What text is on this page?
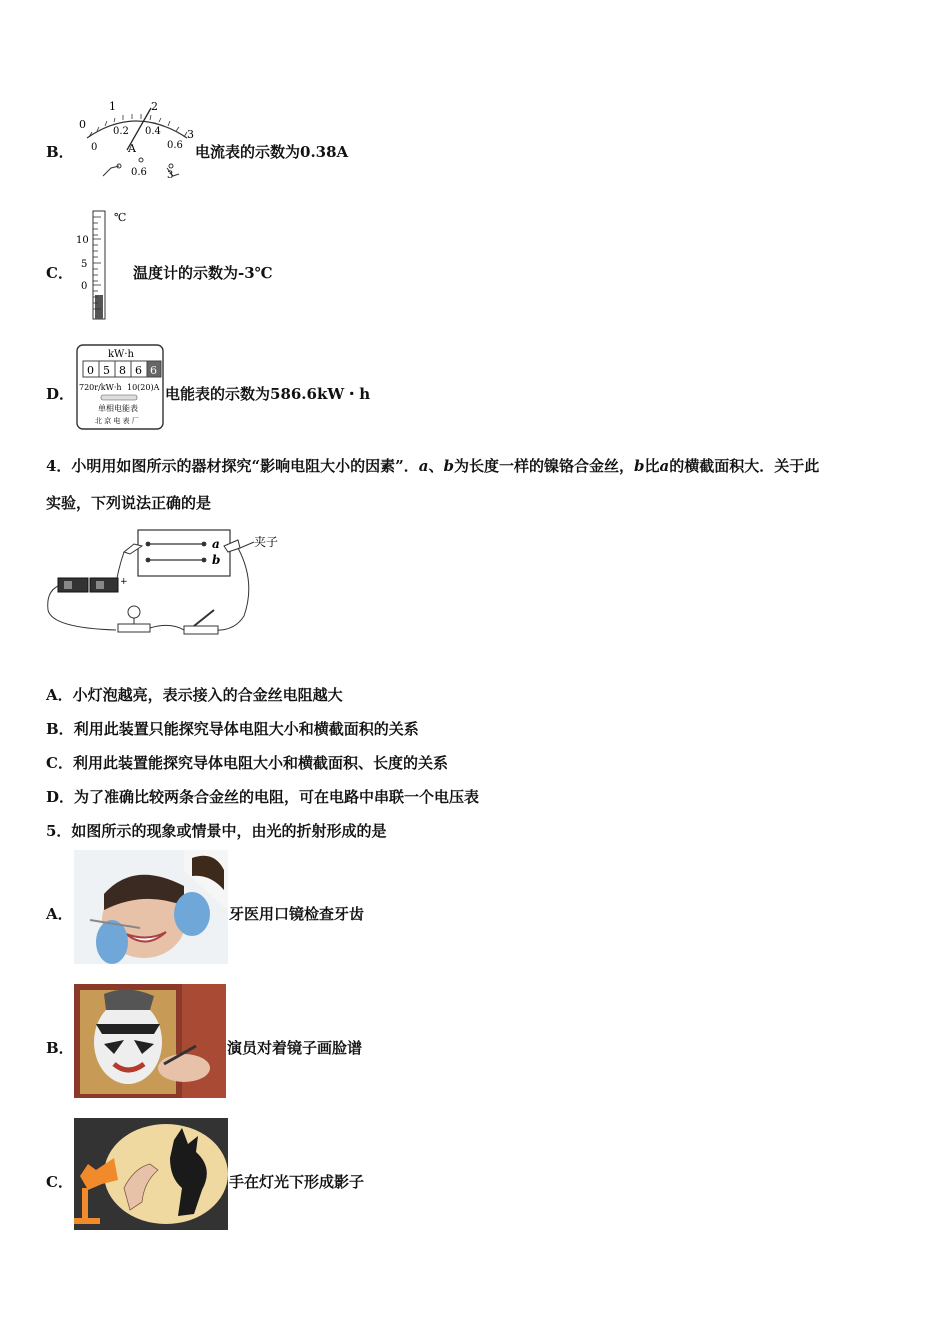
B．
0
1	2
3
0
0.2 0.4
0.6
A
0.6 3
电流表的示数为0.38A
C．
℃
10
5
0
温度计的示数为-3℃
D．
kW·h
0 5 8 6 6
720r/kW·h 10(20)A
单相电能表
北 京 电 表 厂
电能表的示数为586.6kW・h
4．小明用如图所示的器材探究“影响电阻大小的因素”．a、b为长度一样的镍铬合金丝，b比a的横截面积大．关于此
实验，下列说法正确的是
a
b
夹子
+
A．小灯泡越亮，表示接入的合金丝电阻越大
B．利用此装置只能探究导体电阻大小和横截面积的关系
C．利用此装置能探究导体电阻大小和横截面积、长度的关系
D．为了准确比较两条合金丝的电阻，可在电路中串联一个电压表
5．如图所示的现象或情景中，由光的折射形成的是
A．	牙医用口镜检查牙齿
B．	演员对着镜子画脸谱
C．	手在灯光下形成影子
